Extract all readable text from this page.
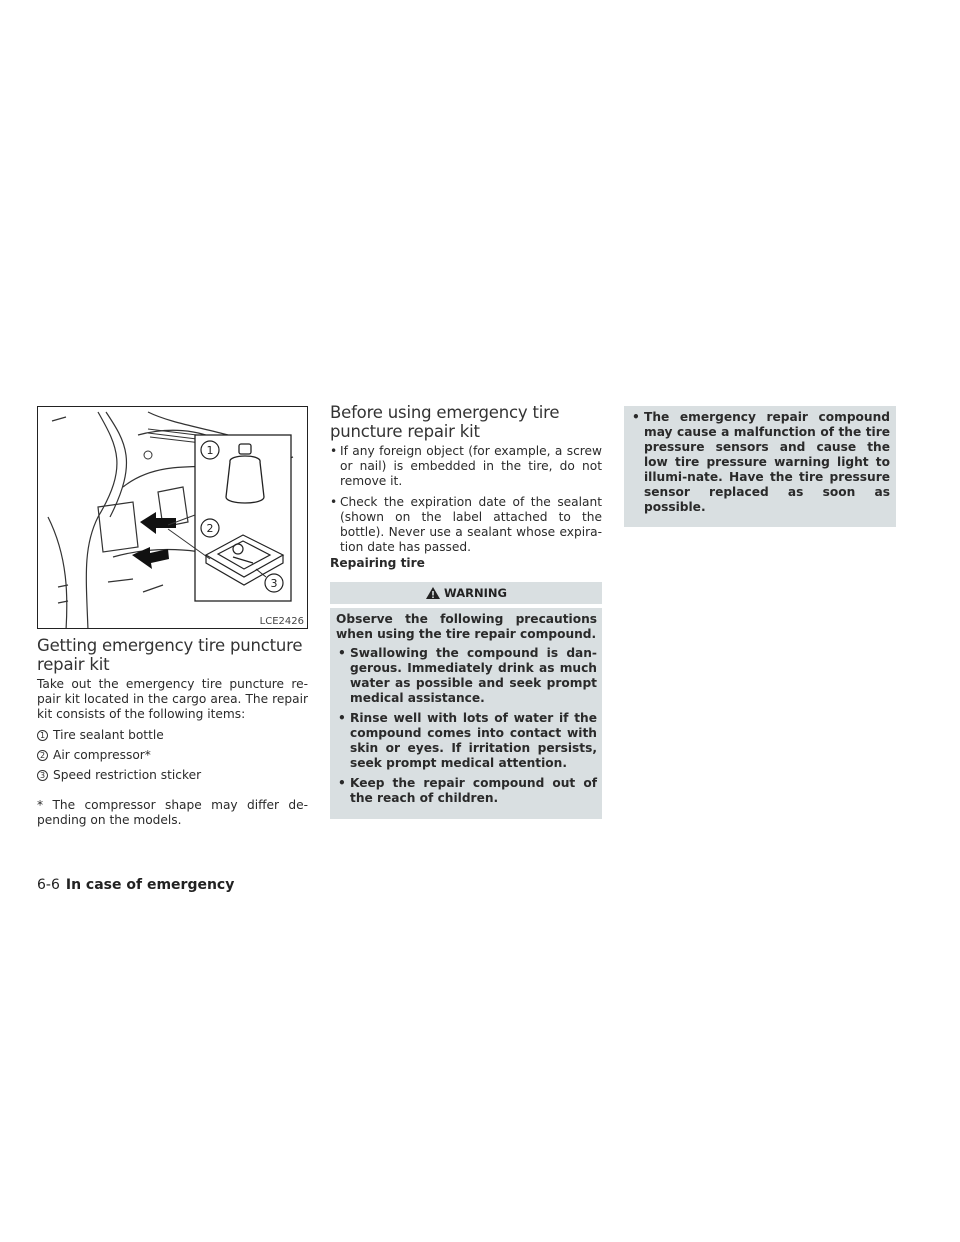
1
2
3
LCE2426
Getting emergency tire puncture repair kit

Take out the emergency tire puncture re-pair kit located in the cargo area. The repair kit consists of the following items:

1 Tire sealant bottle
2 Air compressor*
3 Speed restriction sticker

* The compressor shape may differ de-pending on the models.

Before using emergency tire puncture repair kit
• If any foreign object (for example, a screw or nail) is embedded in the tire, do not remove it.
• Check the expiration date of the sealant (shown on the label attached to the bottle). Never use a sealant whose expira-tion date has passed.
Repairing tire
WARNING

Observe the following precautions when using the tire repair compound.

• Swallowing the compound is dan-gerous. Immediately drink as much water as possible and seek prompt medical assistance.
• Rinse well with lots of water if the compound comes into contact with skin or eyes. If irritation persists, seek prompt medical attention.
• Keep the repair compound out of the reach of children.
• The emergency repair compound may cause a malfunction of the tire pressure sensors and cause the low tire pressure warning light to illumi-nate. Have the tire pressure sensor replaced as soon as possible.
6-6 In case of emergency
